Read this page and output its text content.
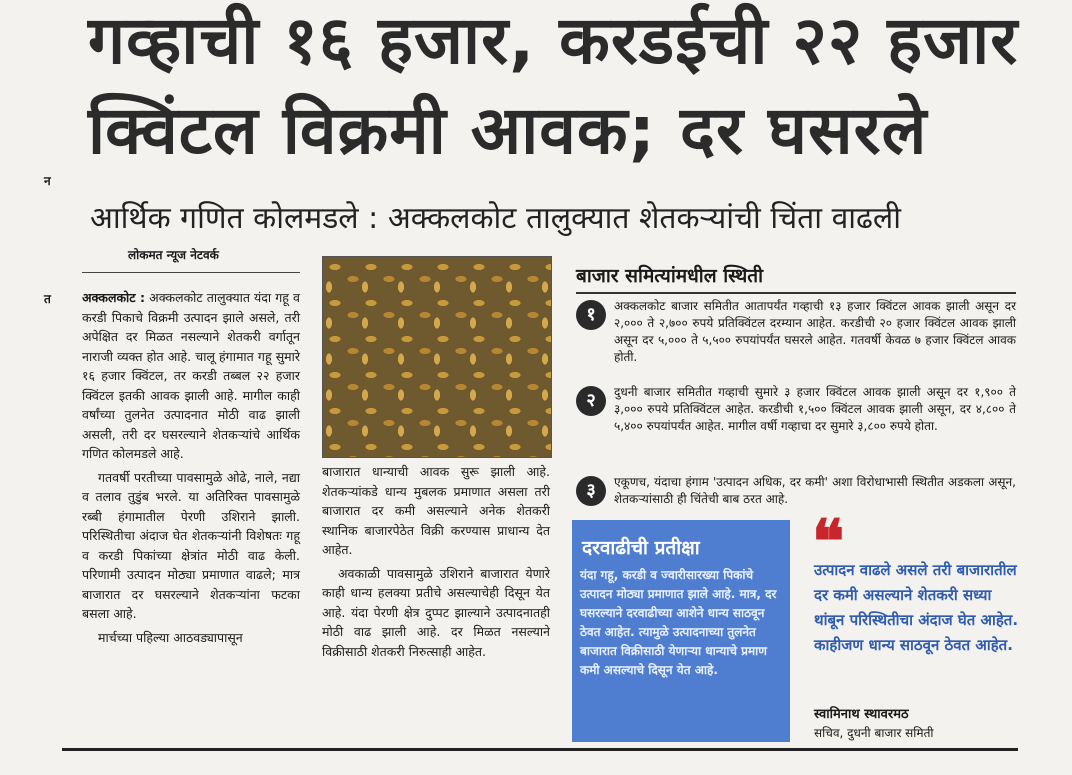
न
त
गव्हाची १६ हजार, करडईची २२ हजार
क्विंटल विक्रमी आवक; दर घसरले
आर्थिक गणित कोलमडले : अक्कलकोट तालुक्यात शेतकऱ्यांची चिंता वाढली
लोकमत न्यूज नेटवर्क

अक्कलकोट : अक्कलकोट तालुक्यात यंदा गहू व करडी पिकाचे विक्रमी उत्पादन झाले असले, तरी अपेक्षित दर मिळत नसल्याने शेतकरी वर्गातून नाराजी व्यक्त होत आहे. चालू हंगामात गहू सुमारे १६ हजार क्विंटल, तर करडी तब्बल २२ हजार क्विंटल इतकी आवक झाली आहे. मागील काही वर्षांच्या तुलनेत उत्पादनात मोठी वाढ झाली असली, तरी दर घसरल्याने शेतकऱ्यांचे आर्थिक गणित कोलमडले आहे.

गतवर्षी परतीच्या पावसामुळे ओढे, नाले, नद्या व तलाव तुडुंब भरले. या अतिरिक्त पावसामुळे रब्बी हंगामातील पेरणी उशिराने झाली. परिस्थितीचा अंदाज घेत शेतकऱ्यांनी विशेषतः गहू व करडी पिकांच्या क्षेत्रांत मोठी वाढ केली. परिणामी उत्पादन मोठ्या प्रमाणात वाढले; मात्र बाजारात दर घसरल्याने शेतकऱ्यांना फटका बसला आहे.

मार्चच्या पहिल्या आठवड्यापासून

बाजारात धान्याची आवक सुरू झाली आहे. शेतकऱ्यांकडे धान्य मुबलक प्रमाणात असला तरी बाजारात दर कमी असल्याने अनेक शेतकरी स्थानिक बाजारपेठेत विक्री करण्यास प्राधान्य देत आहेत.

अवकाळी पावसामुळे उशिराने बाजारात येणारे काही धान्य हलक्या प्रतीचे असल्याचेही दिसून येत आहे. यंदा पेरणी क्षेत्र दुप्पट झाल्याने उत्पादनातही मोठी वाढ झाली आहे. दर मिळत नसल्याने विक्रीसाठी शेतकरी निरुत्साही आहेत.

बाजार समित्यांमधील स्थिती
१	अक्कलकोट बाजार समितीत आतापर्यंत गव्हाची १३ हजार क्विंटल आवक झाली असून दर २,००० ते २,७०० रुपये प्रतिक्विंटल दरम्यान आहेत. करडीची २० हजार क्विंटल आवक झाली असून दर ५,००० ते ५,५०० रुपयांपर्यंत घसरले आहेत. गतवर्षी केवळ ७ हजार क्विंटल आवक होती.
२	दुधनी बाजार समितीत गव्हाची सुमारे ३ हजार क्विंटल आवक झाली असून दर १,९०० ते ३,००० रुपये प्रतिक्विंटल आहेत. करडीची १,५०० क्विंटल आवक झाली असून, दर ४,८०० ते ५,४०० रुपयांपर्यंत आहेत. मागील वर्षी गव्हाचा दर सुमारे ३,८०० रुपये होता.
३	एकूणच, यंदाचा हंगाम 'उत्पादन अधिक, दर कमी' अशा विरोधाभासी स्थितीत अडकला असून, शेतकऱ्यांसाठी ही चिंतेची बाब ठरत आहे.
दरवाढीची प्रतीक्षा
यंदा गहू, करडी व ज्वारीसारख्या पिकांचे उत्पादन मोठ्या प्रमाणात झाले आहे. मात्र, दर घसरल्याने दरवाढीच्या आशेने धान्य साठवून ठेवत आहेत. त्यामुळे उत्पादनाच्या तुलनेत बाजारात विक्रीसाठी येणाऱ्या धान्याचे प्रमाण कमी असल्याचे दिसून येत आहे.
❝

उत्पादन वाढले असले तरी बाजारातील दर कमी असल्याने शेतकरी सध्या थांबून परिस्थितीचा अंदाज घेत आहेत. काहीजण धान्य साठवून ठेवत आहेत.

स्वामिनाथ स्थावरमठ
सचिव, दुधनी बाजार समिती
